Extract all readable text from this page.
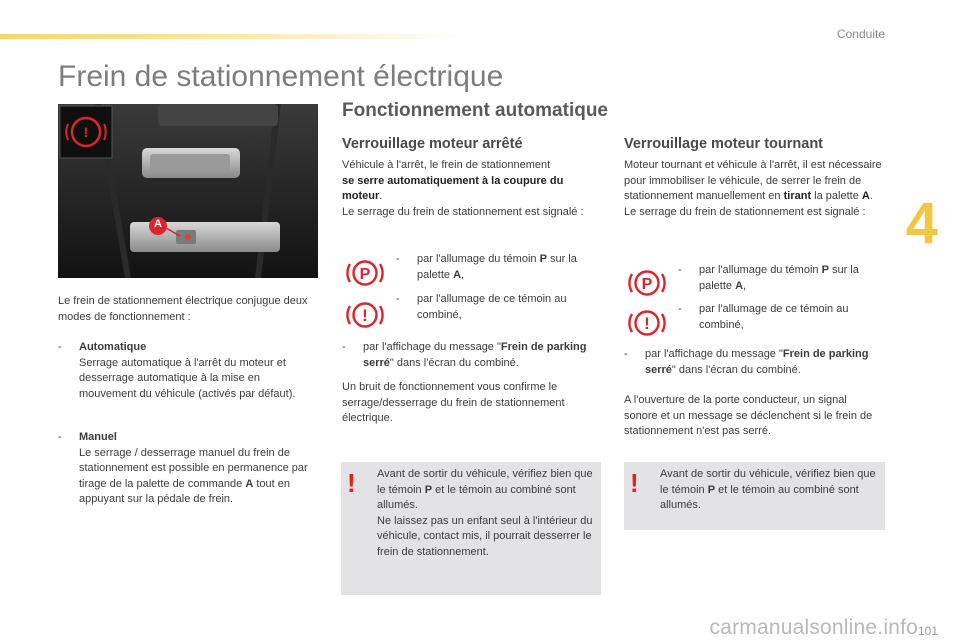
Conduite
4
Frein de stationnement électrique
!
A
Le frein de stationnement électrique conjugue deux modes de fonctionnement :
-	Automatique
Serrage automatique à l'arrêt du moteur et desserrage automatique à la mise en mouvement du véhicule (activés par défaut).
-	Manuel
Le serrage / desserrage manuel du frein de stationnement est possible en permanence par tirage de la palette de commande A tout en appuyant sur la pédale de frein.
Fonctionnement automatique
Verrouillage moteur arrêté
Véhicule à l'arrêt, le frein de stationnement
se serre automatiquement à la coupure du moteur.
Le serrage du frein de stationnement est signalé :
P
-	par l'allumage du témoin P sur la palette A,
!
-	par l'allumage de ce témoin au combiné,
-	par l'affichage du message "Frein de parking serré" dans l'écran du combiné.
Un bruit de fonctionnement vous confirme le serrage/desserrage du frein de stationnement électrique.
! Avant de sortir du véhicule, vérifiez bien que le témoin P et le témoin au combiné sont allumés.
Ne laissez pas un enfant seul à l'intérieur du véhicule, contact mis, il pourrait desserrer le frein de stationnement.
Verrouillage moteur tournant
Moteur tournant et véhicule à l'arrêt, il est nécessaire pour immobiliser le véhicule, de serrer le frein de stationnement manuellement en tirant la palette A.
Le serrage du frein de stationnement est signalé :
P
-	par l'allumage du témoin P sur la palette A,
!
-	par l'allumage de ce témoin au combiné,
-	par l'affichage du message "Frein de parking serré" dans l'écran du combiné.
A l'ouverture de la porte conducteur, un signal sonore et un message se déclenchent si le frein de stationnement n'est pas serré.
! Avant de sortir du véhicule, vérifiez bien que le témoin P et le témoin au combiné sont allumés.
carmanualsonline.info 101
